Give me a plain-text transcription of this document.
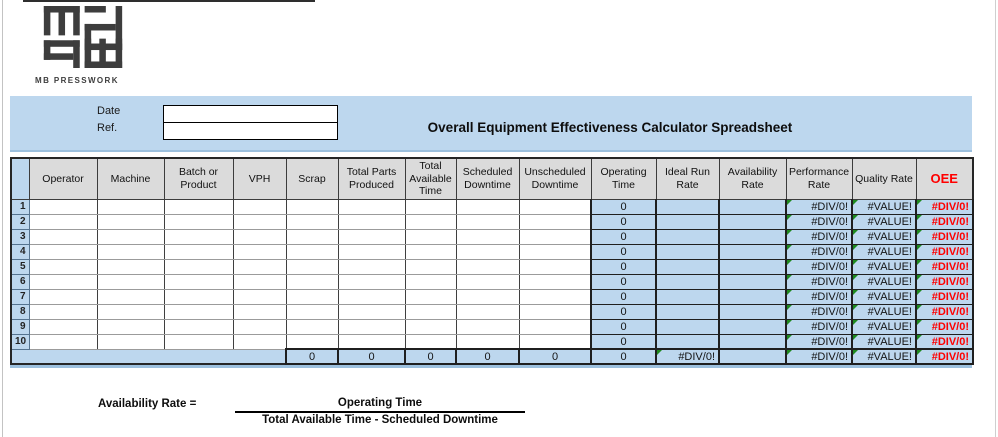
MB PRESSWORK
Date
Ref.	Overall Equipment Effectiveness Calculator Spreadsheet
	Operator	Machine	Batch or Product	VPH	Scrap	Total Parts Produced	Total Available Time	Scheduled Downtime	Unscheduled Downtime	Operating Time	Ideal Run Rate	Availability Rate	Performance Rate	Quality Rate	OEE
1										0			#DIV/0!	#VALUE!	#DIV/0!
2										0			#DIV/0!	#VALUE!	#DIV/0!
3										0			#DIV/0!	#VALUE!	#DIV/0!
4										0			#DIV/0!	#VALUE!	#DIV/0!
5										0			#DIV/0!	#VALUE!	#DIV/0!
6										0			#DIV/0!	#VALUE!	#DIV/0!
7										0			#DIV/0!	#VALUE!	#DIV/0!
8										0			#DIV/0!	#VALUE!	#DIV/0!
9										0			#DIV/0!	#VALUE!	#DIV/0!
10										0			#DIV/0!	#VALUE!	#DIV/0!
					0	0	0	0	0	0	#DIV/0!		#DIV/0!	#VALUE!	#DIV/0!
Availability Rate =	Operating Time
Total Available Time - Scheduled Downtime
